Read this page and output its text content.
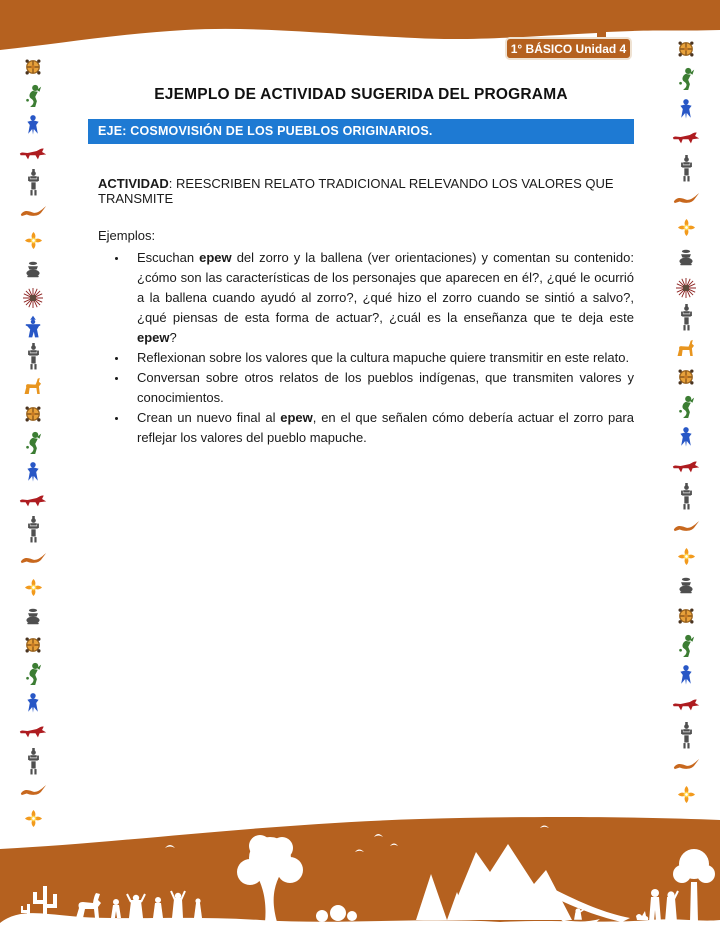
1° BÁSICO Unidad 4
EJEMPLO DE ACTIVIDAD SUGERIDA DEL PROGRAMA
EJE: COSMOVISIÓN DE LOS PUEBLOS ORIGINARIOS.

ACTIVIDAD: REESCRIBEN RELATO TRADICIONAL RELEVANDO LOS VALORES QUE TRANSMITE

Ejemplos:

• Escuchan epew del zorro y la ballena (ver orientaciones) y comentan su contenido: ¿cómo son las características de los personajes que aparecen en él?, ¿qué le ocurrió a la ballena cuando ayudó al zorro?, ¿qué hizo el zorro cuando se sintió a salvo?, ¿qué piensas de esta forma de actuar?, ¿cuál es la enseñanza que te deja este epew?
• Reflexionan sobre los valores que la cultura mapuche quiere transmitir en este relato.
• Conversan sobre otros relatos de los pueblos indígenas, que transmiten valores y conocimientos.
• Crean un nuevo final al epew, en el que señalen cómo debería actuar el zorro para reflejar los valores del pueblo mapuche.
